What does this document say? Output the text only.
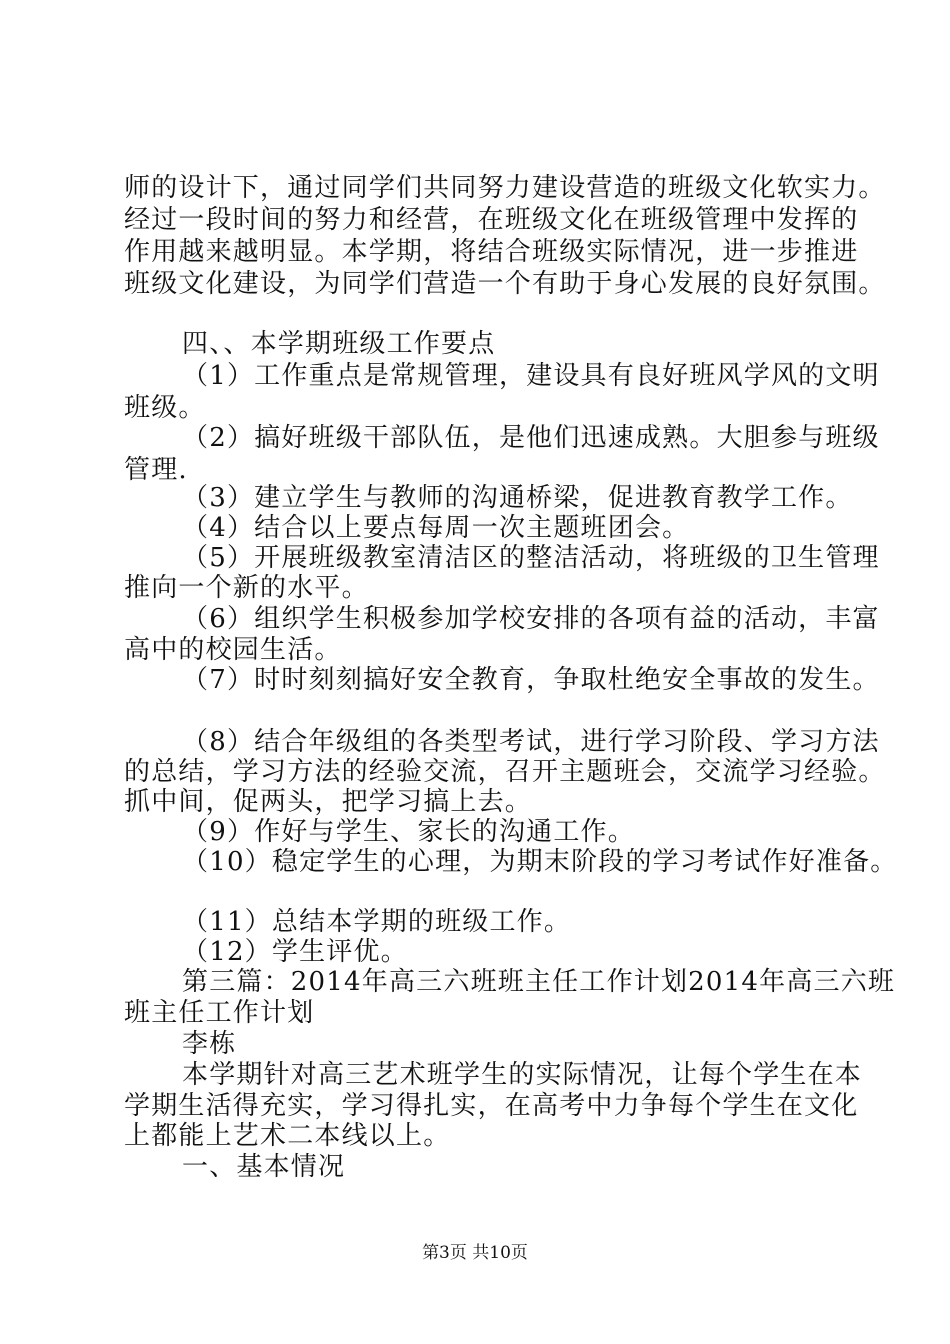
师的设计下，通过同学们共同努力建设营造的班级文化软实力。
经过一段时间的努力和经营，在班级文化在班级管理中发挥的
作用越来越明显。本学期，将结合班级实际情况，进一步推进
班级文化建设，为同学们营造一个有助于身心发展的良好氛围。
四、、本学期班级工作要点
（1）工作重点是常规管理，建设具有良好班风学风的文明
班级。
（2）搞好班级干部队伍，是他们迅速成熟。大胆参与班级
管理.
（3）建立学生与教师的沟通桥梁，促进教育教学工作。
（4）结合以上要点每周一次主题班团会。
（5）开展班级教室清洁区的整洁活动，将班级的卫生管理
推向一个新的水平。
（6）组织学生积极参加学校安排的各项有益的活动，丰富
高中的校园生活。
（7）时时刻刻搞好安全教育，争取杜绝安全事故的发生。
（8）结合年级组的各类型考试，进行学习阶段、学习方法
的总结，学习方法的经验交流，召开主题班会，交流学习经验。
抓中间，促两头，把学习搞上去。
（9）作好与学生、家长的沟通工作。
（10）稳定学生的心理，为期末阶段的学习考试作好准备。
（11）总结本学期的班级工作。
（12）学生评优。
第三篇：2014年高三六班班主任工作计划2014年高三六班
班主任工作计划
李栋
本学期针对高三艺术班学生的实际情况，让每个学生在本
学期生活得充实，学习得扎实，在高考中力争每个学生在文化
上都能上艺术二本线以上。
一、基本情况
第3页 共10页
